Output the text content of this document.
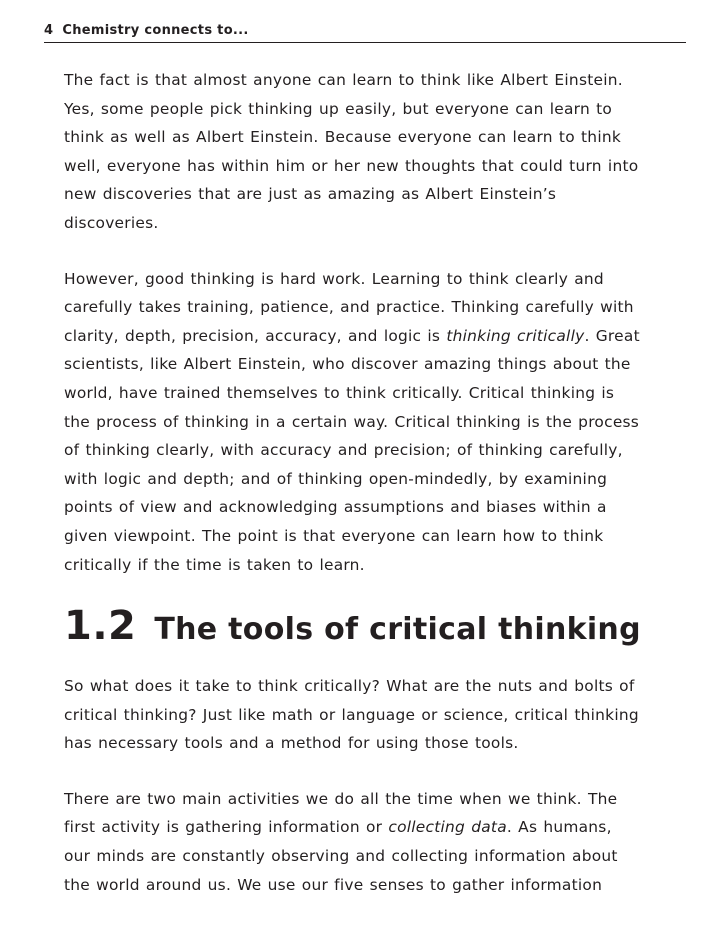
4 Chemistry connects to...

The fact is that almost anyone can learn to think like Albert Einstein. Yes, some people pick thinking up easily, but everyone can learn to think as well as Albert Einstein. Because everyone can learn to think well, everyone has within him or her new thoughts that could turn into new discoveries that are just as amazing as Albert Einstein’s discoveries.

However, good thinking is hard work. Learning to think clearly and carefully takes training, patience, and practice. Thinking carefully with clarity, depth, precision, accuracy, and logic is thinking critically. Great scientists, like Albert Einstein, who discover amazing things about the world, have trained themselves to think critically. Critical thinking is the process of thinking in a certain way. Critical thinking is the process of thinking clearly, with accuracy and precision; of thinking carefully, with logic and depth; and of thinking open-mindedly, by examining points of view and acknowledging assumptions and biases within a given viewpoint. The point is that everyone can learn how to think critically if the time is taken to learn.

1.2 The tools of critical thinking

So what does it take to think critically? What are the nuts and bolts of critical thinking? Just like math or language or science, critical thinking has necessary tools and a method for using those tools.

There are two main activities we do all the time when we think. The first activity is gathering information or collecting data. As humans, our minds are constantly observing and collecting information about the world around us. We use our five senses to gather information
